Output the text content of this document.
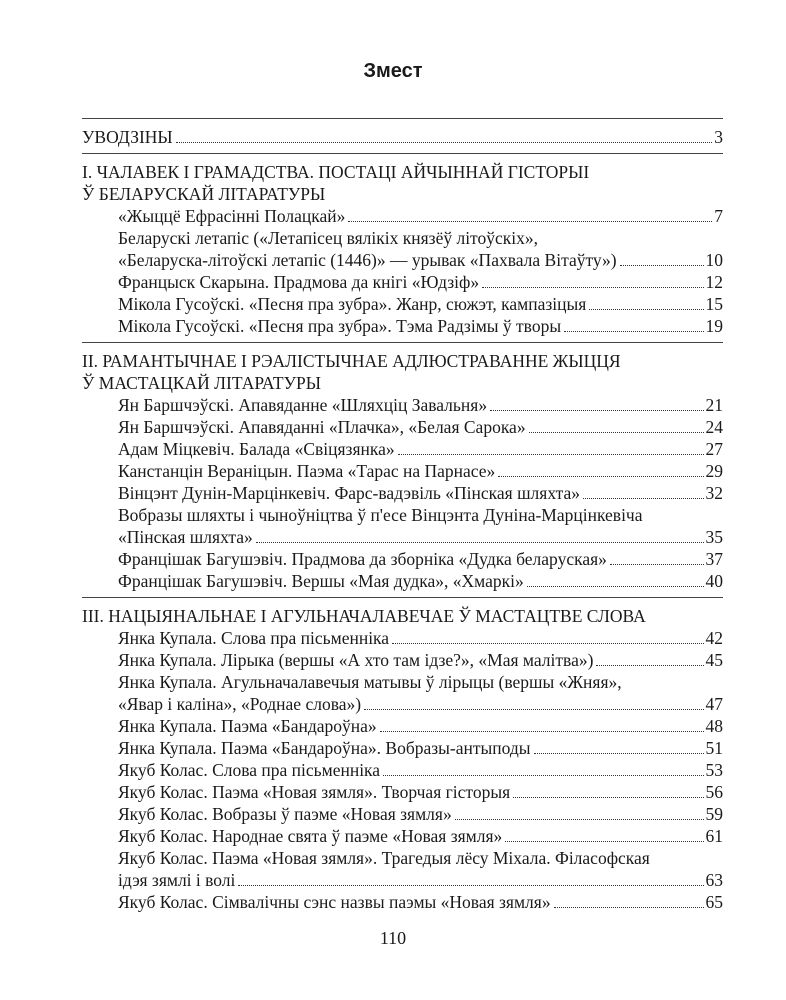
Змест
УВОДЗІНЫ	3
I. ЧАЛАВЕК І ГРАМАДСТВА. ПОСТАЦІ АЙЧЫННАЙ ГІСТОРЫІ
Ў БЕЛАРУСКАЙ ЛІТАРАТУРЫ
«Жыццё Ефрасінні Полацкай»	7
Беларускі летапіс («Летапісец вялікіх князёў літоўскіх»,
«Беларуска-літоўскі летапіс (1446)» — урывак «Пахвала Вітаўту»)	10
Францыск Скарына. Прадмова да кнігі «Юдзіф»	12
Мікола Гусоўскі. «Песня пра зубра». Жанр, сюжэт, кампазіцыя	15
Мікола Гусоўскі. «Песня пра зубра». Тэма Радзімы ў творы	19
II. РАМАНТЫЧНАЕ І РЭАЛІСТЫЧНАЕ АДЛЮСТРАВАННЕ ЖЫЦЦЯ
Ў МАСТАЦКАЙ ЛІТАРАТУРЫ
Ян Баршчэўскі. Апавяданне «Шляхціц Завальня»	21
Ян Баршчэўскі. Апавяданні «Плачка», «Белая Сарока»	24
Адам Міцкевіч. Балада «Свіцязянка»	27
Канстанцін Вераніцын. Паэма «Тарас на Парнасе»	29
Вінцэнт Дунін-Марцінкевіч. Фарс-вадэвіль «Пінская шляхта»	32
Вобразы шляхты і чыноўніцтва ў п'есе Вінцэнта Дуніна-Марцінкевіча
«Пінская шляхта»	35
Францішак Багушэвіч. Прадмова да зборніка «Дудка беларуская»	37
Францішак Багушэвіч. Вершы «Мая дудка», «Хмаркі»	40
III. НАЦЫЯНАЛЬНАЕ І АГУЛЬНАЧАЛАВЕЧАЕ Ў МАСТАЦТВЕ СЛОВА
Янка Купала. Слова пра пісьменніка	42
Янка Купала. Лірыка (вершы «А хто там ідзе?», «Мая малітва»)	45
Янка Купала. Агульначалавечыя матывы ў лірыцы (вершы «Жняя»,
«Явар і каліна», «Роднае слова»)	47
Янка Купала. Паэма «Бандароўна»	48
Янка Купала. Паэма «Бандароўна». Вобразы-антыподы	51
Якуб Колас. Слова пра пісьменніка	53
Якуб Колас. Паэма «Новая зямля». Творчая гісторыя	56
Якуб Колас. Вобразы ў паэме «Новая зямля»	59
Якуб Колас. Народнае свята ў паэме «Новая зямля»	61
Якуб Колас. Паэма «Новая зямля». Трагедыя лёсу Міхала. Філасофская
ідэя зямлі і волі	63
Якуб Колас. Сімвалічны сэнс назвы паэмы «Новая зямля»	65
110
